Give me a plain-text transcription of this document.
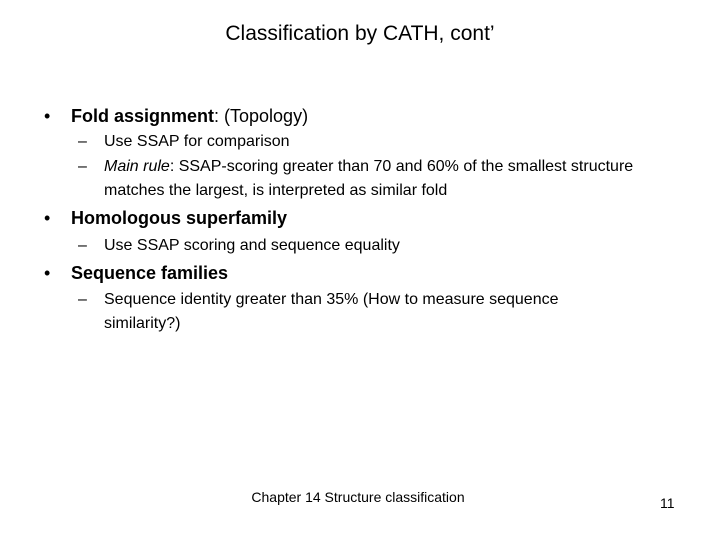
Classification by CATH, cont’
• Fold assignment: (Topology)
– Use SSAP for comparison
– Main rule: SSAP-scoring greater than 70 and 60% of the smallest structure matches the largest, is interpreted as similar fold
• Homologous superfamily
– Use SSAP scoring and sequence equality
• Sequence families
– Sequence identity greater than 35% (How to measure sequence similarity?)
Chapter 14 Structure classification	11
